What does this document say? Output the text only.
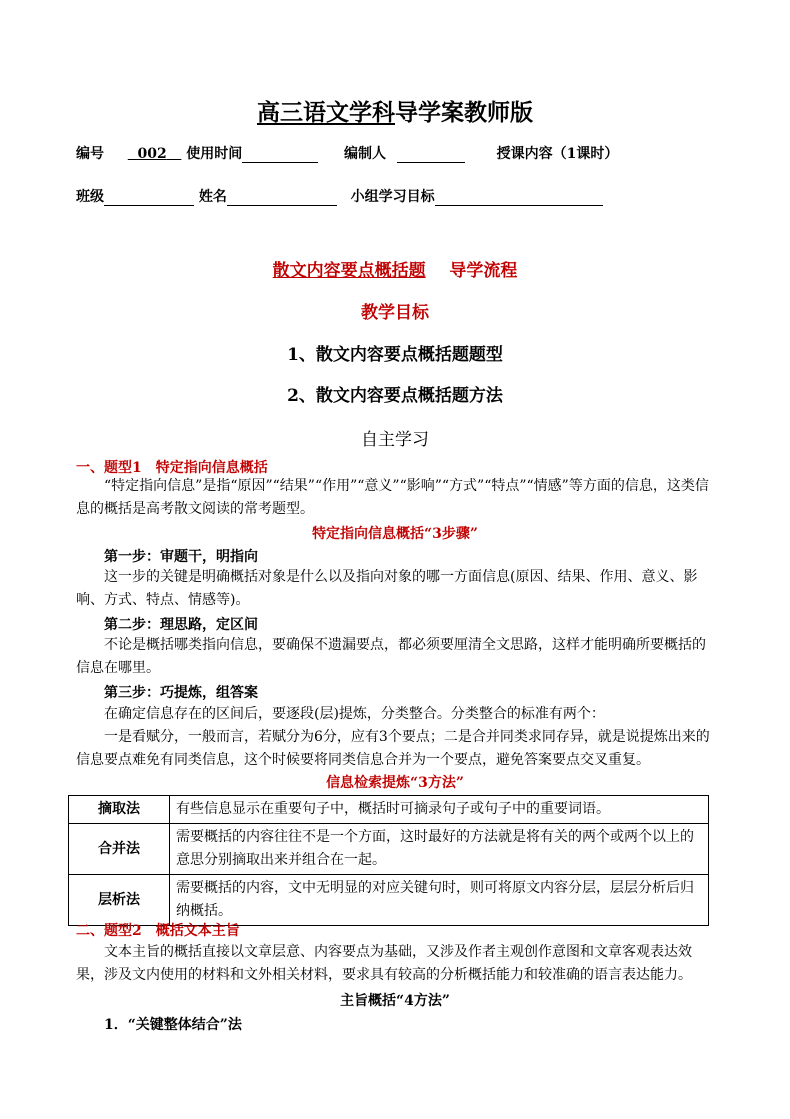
高三语文学科导学案教师版
编号 002 使用时间	编制人	授课内容（1课时）
班级	姓名	小组学习目标
散文内容要点概括题 导学流程
教学目标
1、散文内容要点概括题题型
2、散文内容要点概括题方法
自主学习
一、题型1　特定指向信息概括
“特定指向信息”是指“原因”“结果”“作用”“意义”“影响”“方式”“特点”“情感”等方面的信息，这类信息的概括是高考散文阅读的常考题型。
特定指向信息概括“3步骤”
第一步：审题干，明指向
这一步的关键是明确概括对象是什么以及指向对象的哪一方面信息(原因、结果、作用、意义、影响、方式、特点、情感等)。
第二步：理思路，定区间
不论是概括哪类指向信息，要确保不遗漏要点，都必须要厘清全文思路，这样才能明确所要概括的信息在哪里。
第三步：巧提炼，组答案
在确定信息存在的区间后，要逐段(层)提炼，分类整合。分类整合的标准有两个：
一是看赋分，一般而言，若赋分为6分，应有3个要点；二是合并同类求同存异，就是说提炼出来的信息要点难免有同类信息，这个时候要将同类信息合并为一个要点，避免答案要点交叉重复。
信息检索提炼“3方法”
摘取法	有些信息显示在重要句子中，概括时可摘录句子或句子中的重要词语。
合并法	需要概括的内容往往不是一个方面，这时最好的方法就是将有关的两个或两个以上的意思分别摘取出来并组合在一起。
层析法	需要概括的内容，文中无明显的对应关键句时，则可将原文内容分层，层层分析后归纳概括。
二、题型2　概括文本主旨
文本主旨的概括直接以文章层意、内容要点为基础，又涉及作者主观创作意图和文章客观表达效果，涉及文内使用的材料和文外相关材料，要求具有较高的分析概括能力和较准确的语言表达能力。
主旨概括“4方法”
1．“关键整体结合”法
